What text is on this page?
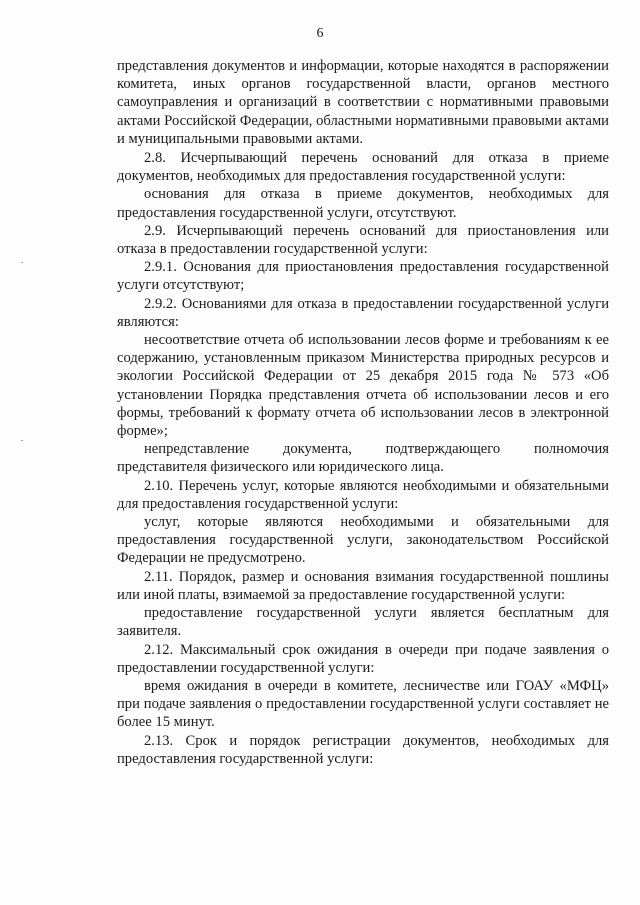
6

представления документов и информации, которые находятся в распоряжении комитета, иных органов государственной власти, органов местного самоуправления и организаций в соответствии с нормативными правовыми актами Российской Федерации, областными нормативными правовыми актами и муниципальными правовыми актами.

2.8. Исчерпывающий перечень оснований для отказа в приеме документов, необходимых для предоставления государственной услуги:

основания для отказа в приеме документов, необходимых для предоставления государственной услуги, отсутствуют.

2.9. Исчерпывающий перечень оснований для приостановления или отказа в предоставлении государственной услуги:

2.9.1. Основания для приостановления предоставления государственной услуги отсутствуют;

2.9.2. Основаниями для отказа в предоставлении государственной услуги являются:

несоответствие отчета об использовании лесов форме и требованиям к ее содержанию, установленным приказом Министерства природных ресурсов и экологии Российской Федерации от 25 декабря 2015 года № 573 «Об установлении Порядка представления отчета об использовании лесов и его формы, требований к формату отчета об использовании лесов в электронной форме»;

непредставление документа, подтверждающего полномочия представителя физического или юридического лица.

2.10. Перечень услуг, которые являются необходимыми и обязательными для предоставления государственной услуги:

услуг, которые являются необходимыми и обязательными для предоставления государственной услуги, законодательством Российской Федерации не предусмотрено.

2.11. Порядок, размер и основания взимания государственной пошлины или иной платы, взимаемой за предоставление государственной услуги:

предоставление государственной услуги является бесплатным для заявителя.

2.12. Максимальный срок ожидания в очереди при подаче заявления о предоставлении государственной услуги:

время ожидания в очереди в комитете, лесничестве или ГОАУ «МФЦ» при подаче заявления о предоставлении государственной услуги составляет не более 15 минут.

2.13. Срок и порядок регистрации документов, необходимых для предоставления государственной услуги:
